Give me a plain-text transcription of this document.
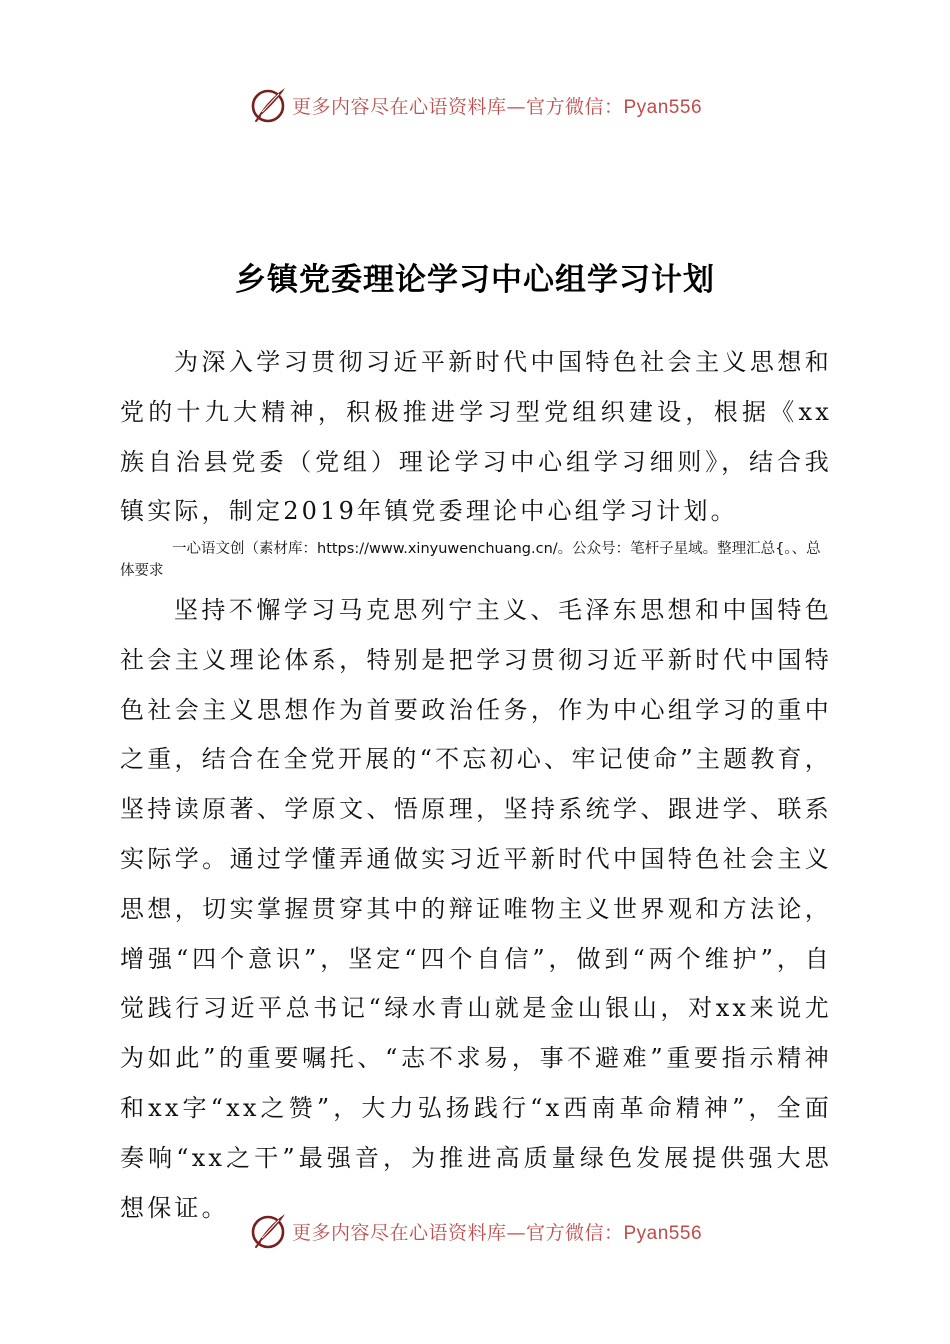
更多内容尽在心语资料库—官方微信：Pyan556
乡镇党委理论学习中心组学习计划

为深入学习贯彻习近平新时代中国特色社会主义思想和党的十九大精神，积极推进学习型党组织建设，根据《xx族自治县党委（党组）理论学习中心组学习细则》，结合我镇实际，制定2019年镇党委理论中心组学习计划。

一心语文创（素材库：https://www.xinyuwenchuang.cn/。公众号：笔杆子星域。整理汇总{。、总体要求

坚持不懈学习马克思列宁主义、毛泽东思想和中国特色社会主义理论体系，特别是把学习贯彻习近平新时代中国特色社会主义思想作为首要政治任务，作为中心组学习的重中之重，结合在全党开展的“不忘初心、牢记使命”主题教育，坚持读原著、学原文、悟原理，坚持系统学、跟进学、联系实际学。通过学懂弄通做实习近平新时代中国特色社会主义思想，切实掌握贯穿其中的辩证唯物主义世界观和方法论，增强“四个意识”，坚定“四个自信”，做到“两个维护”，自觉践行习近平总书记“绿水青山就是金山银山，对xx来说尤为如此”的重要嘱托、“志不求易，事不避难”重要指示精神和xx字“xx之赞”，大力弘扬践行“x西南革命精神”，全面奏响“xx之干”最强音，为推进高质量绿色发展提供强大思想保证。

更多内容尽在心语资料库—官方微信：Pyan556
